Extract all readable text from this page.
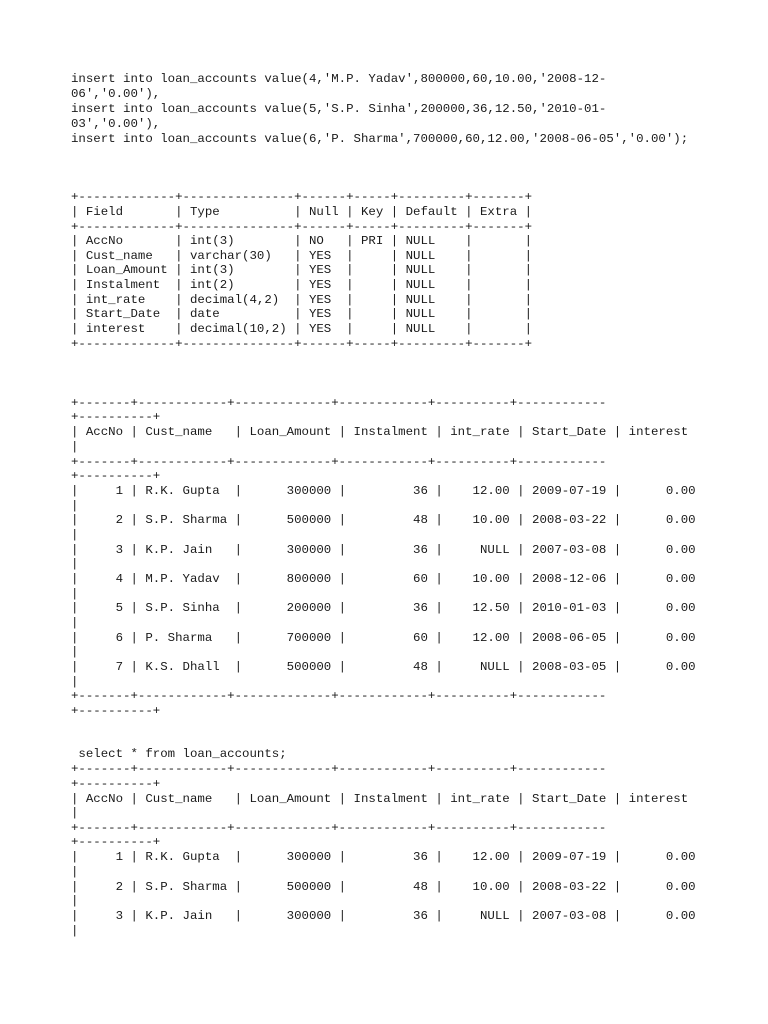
insert into loan_accounts value(4,'M.P. Yadav',800000,60,10.00,'2008-12-
06','0.00'),
insert into loan_accounts value(5,'S.P. Sinha',200000,36,12.50,'2010-01-
03','0.00'),
insert into loan_accounts value(6,'P. Sharma',700000,60,12.00,'2008-06-05','0.00');
+-------------+---------------+------+-----+---------+-------+
| Field       | Type          | Null | Key | Default | Extra |
+-------------+---------------+------+-----+---------+-------+
| AccNo       | int(3)        | NO   | PRI | NULL    |       |
| Cust_name   | varchar(30)   | YES  |     | NULL    |       |
| Loan_Amount | int(3)        | YES  |     | NULL    |       |
| Instalment  | int(2)        | YES  |     | NULL    |       |
| int_rate    | decimal(4,2)  | YES  |     | NULL    |       |
| Start_Date  | date          | YES  |     | NULL    |       |
| interest    | decimal(10,2) | YES  |     | NULL    |       |
+-------------+---------------+------+-----+---------+-------+
+-------+------------+-------------+------------+----------+------------
+----------+
| AccNo | Cust_name   | Loan_Amount | Instalment | int_rate | Start_Date | interest
|
+-------+------------+-------------+------------+----------+------------
+----------+
|     1 | R.K. Gupta  |      300000 |         36 |    12.00 | 2009-07-19 |      0.00
|
|     2 | S.P. Sharma |      500000 |         48 |    10.00 | 2008-03-22 |      0.00
|
|     3 | K.P. Jain   |      300000 |         36 |     NULL | 2007-03-08 |      0.00
|
|     4 | M.P. Yadav  |      800000 |         60 |    10.00 | 2008-12-06 |      0.00
|
|     5 | S.P. Sinha  |      200000 |         36 |    12.50 | 2010-01-03 |      0.00
|
|     6 | P. Sharma   |      700000 |         60 |    12.00 | 2008-06-05 |      0.00
|
|     7 | K.S. Dhall  |      500000 |         48 |     NULL | 2008-03-05 |      0.00
|
+-------+------------+-------------+------------+----------+------------
+----------+
select * from loan_accounts;
+-------+------------+-------------+------------+----------+------------
+----------+
| AccNo | Cust_name   | Loan_Amount | Instalment | int_rate | Start_Date | interest
|
+-------+------------+-------------+------------+----------+------------
+----------+
|     1 | R.K. Gupta  |      300000 |         36 |    12.00 | 2009-07-19 |      0.00
|
|     2 | S.P. Sharma |      500000 |         48 |    10.00 | 2008-03-22 |      0.00
|
|     3 | K.P. Jain   |      300000 |         36 |     NULL | 2007-03-08 |      0.00
|
